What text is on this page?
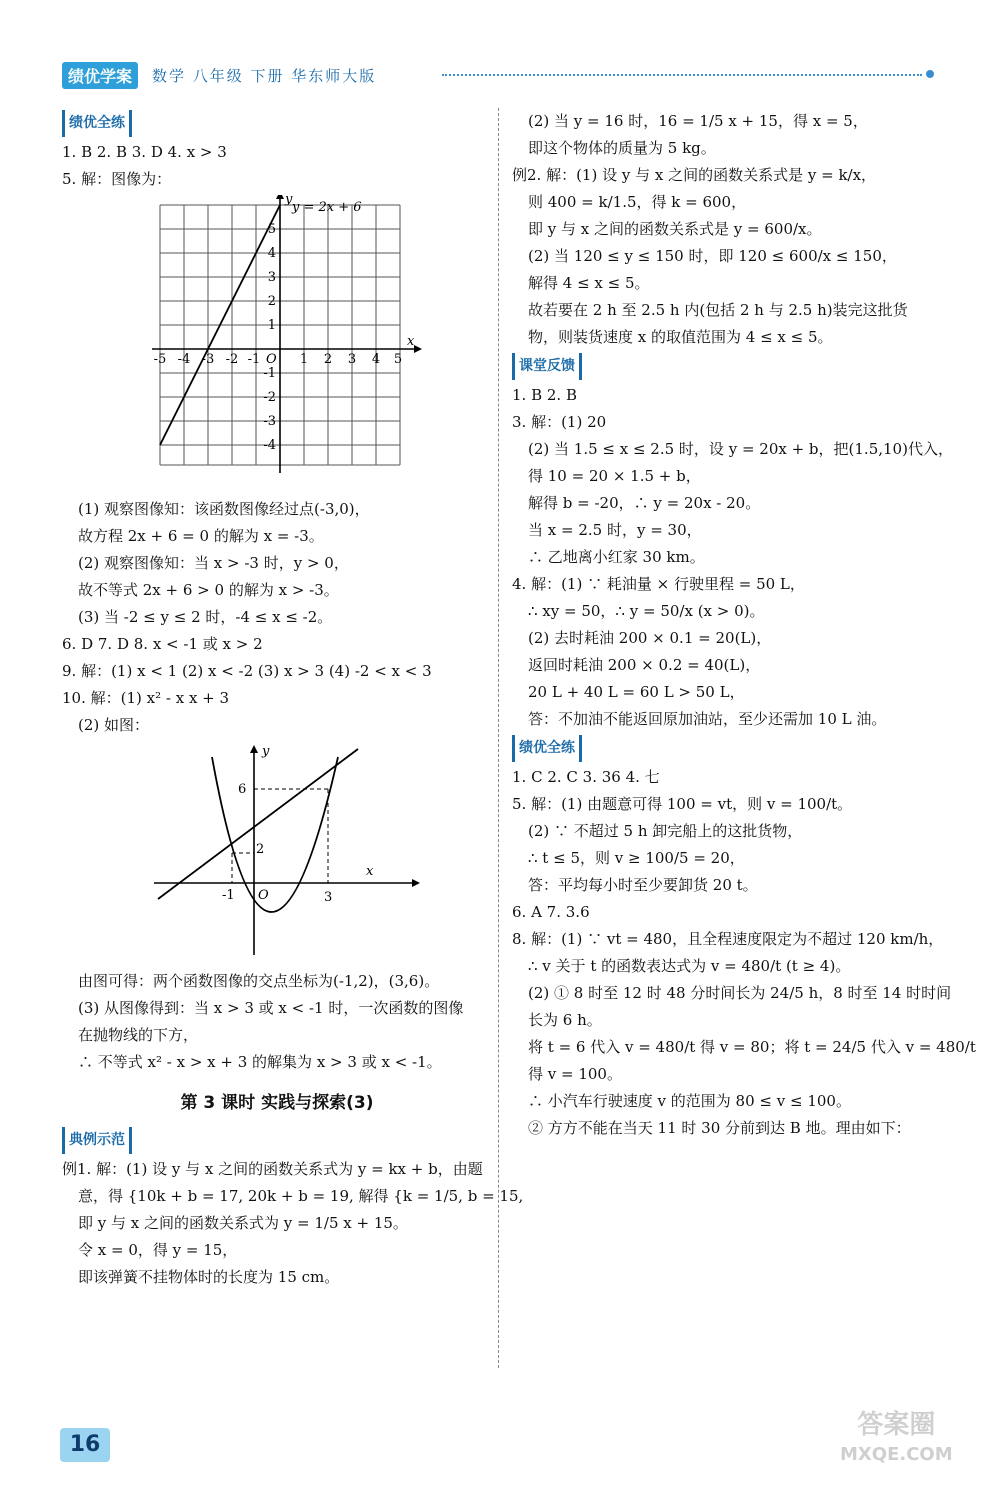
绩优学案	数学 八年级 下册 华东师大版
绩优全练
1. B 2. B 3. D 4. x > 3
5. 解：图像为：
y = 2x + 6
y
x
O
-5 -4 -3 -2 -1	1 2 3 4 5
5
4
3
2
1
-1
-2
-3
-4
(1) 观察图像知：该函数图像经过点(-3,0)，
故方程 2x + 6 = 0 的解为 x = -3。
(2) 观察图像知：当 x > -3 时，y > 0，
故不等式 2x + 6 > 0 的解为 x > -3。
(3) 当 -2 ≤ y ≤ 2 时，-4 ≤ x ≤ -2。
6. D 7. D 8. x < -1 或 x > 2
9. 解：(1) x < 1 (2) x < -2 (3) x > 3 (4) -2 < x < 3
10. 解：(1) x² - x x + 3
(2) 如图：
y
x
O
6
2
-1	3
由图可得：两个函数图像的交点坐标为(-1,2)，(3,6)。
(3) 从图像得到：当 x > 3 或 x < -1 时，一次函数的图像
在抛物线的下方，
∴ 不等式 x² - x > x + 3 的解集为 x > 3 或 x < -1。
第 3 课时 实践与探索(3)
典例示范
例1. 解：(1) 设 y 与 x 之间的函数关系式为 y = kx + b，由题
意，得 {10k + b = 17, 20k + b = 19, 解得 {k = 1/5, b = 15,
即 y 与 x 之间的函数关系式为 y = 1/5 x + 15。
令 x = 0，得 y = 15，
即该弹簧不挂物体时的长度为 15 cm。
(2) 当 y = 16 时，16 = 1/5 x + 15，得 x = 5，
即这个物体的质量为 5 kg。
例2. 解：(1) 设 y 与 x 之间的函数关系式是 y = k/x，
则 400 = k/1.5，得 k = 600，
即 y 与 x 之间的函数关系式是 y = 600/x。
(2) 当 120 ≤ y ≤ 150 时，即 120 ≤ 600/x ≤ 150，
解得 4 ≤ x ≤ 5。
故若要在 2 h 至 2.5 h 内(包括 2 h 与 2.5 h)装完这批货
物，则装货速度 x 的取值范围为 4 ≤ x ≤ 5。
课堂反馈
1. B 2. B
3. 解：(1) 20
(2) 当 1.5 ≤ x ≤ 2.5 时，设 y = 20x + b，把(1.5,10)代入，
得 10 = 20 × 1.5 + b，
解得 b = -20，∴ y = 20x - 20。
当 x = 2.5 时，y = 30，
∴ 乙地离小红家 30 km。
4. 解：(1) ∵ 耗油量 × 行驶里程 = 50 L，
∴ xy = 50，∴ y = 50/x (x > 0)。
(2) 去时耗油 200 × 0.1 = 20(L)，
返回时耗油 200 × 0.2 = 40(L)，
20 L + 40 L = 60 L > 50 L，
答：不加油不能返回原加油站，至少还需加 10 L 油。
绩优全练
1. C 2. C 3. 36 4. 七
5. 解：(1) 由题意可得 100 = vt，则 v = 100/t。
(2) ∵ 不超过 5 h 卸完船上的这批货物，
∴ t ≤ 5，则 v ≥ 100/5 = 20，
答：平均每小时至少要卸货 20 t。
6. A 7. 3.6
8. 解：(1) ∵ vt = 480，且全程速度限定为不超过 120 km/h，
∴ v 关于 t 的函数表达式为 v = 480/t (t ≥ 4)。
(2) ① 8 时至 12 时 48 分时间长为 24/5 h，8 时至 14 时时间
长为 6 h。
将 t = 6 代入 v = 480/t 得 v = 80；将 t = 24/5 代入 v = 480/t
得 v = 100。
∴ 小汽车行驶速度 v 的范围为 80 ≤ v ≤ 100。
② 方方不能在当天 11 时 30 分前到达 B 地。理由如下：
16
答案圈
MXQE.COM
